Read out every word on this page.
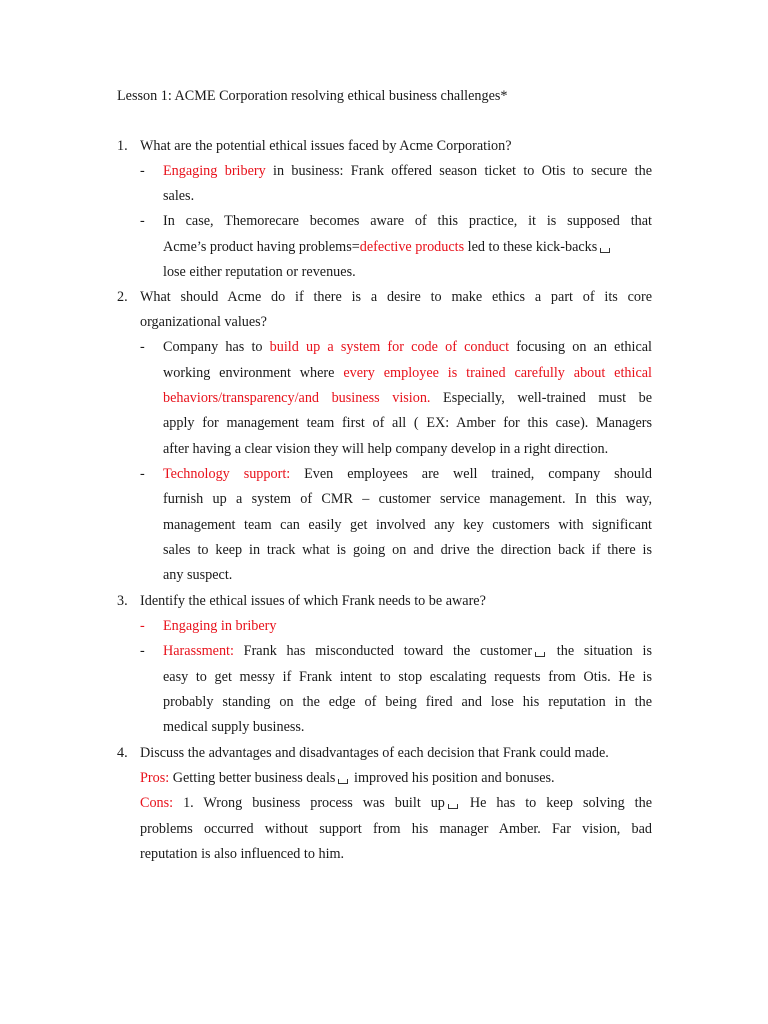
Lesson 1: ACME Corporation resolving ethical business challenges*
1. What are the potential ethical issues faced by Acme Corporation?
- Engaging bribery in business: Frank offered season ticket to Otis to secure the
sales.
- In case, Themorecare becomes aware of this practice, it is supposed that
Acme’s product having problems=defective products led to these kick-backs
lose either reputation or revenues.
2. What should Acme do if there is a desire to make ethics a part of its core
organizational values?
- Company has to build up a system for code of conduct focusing on an ethical
working environment where every employee is trained carefully about ethical
behaviors/transparency/and business vision. Especially, well-trained must be
apply for management team first of all ( EX: Amber for this case). Managers
after having a clear vision they will help company develop in a right direction.
- Technology support: Even employees are well trained, company should
furnish up a system of CMR – customer service management. In this way,
management team can easily get involved any key customers with significant
sales to keep in track what is going on and drive the direction back if there is
any suspect.
3. Identify the ethical issues of which Frank needs to be aware?
- Engaging in bribery
- Harassment: Frank has misconducted toward the customer the situation is
easy to get messy if Frank intent to stop escalating requests from Otis. He is
probably standing on the edge of being fired and lose his reputation in the
medical supply business.
4. Discuss the advantages and disadvantages of each decision that Frank could made.
Pros: Getting better business deals improved his position and bonuses.
Cons: 1. Wrong business process was built up He has to keep solving the
problems occurred without support from his manager Amber. Far vision, bad
reputation is also influenced to him.
